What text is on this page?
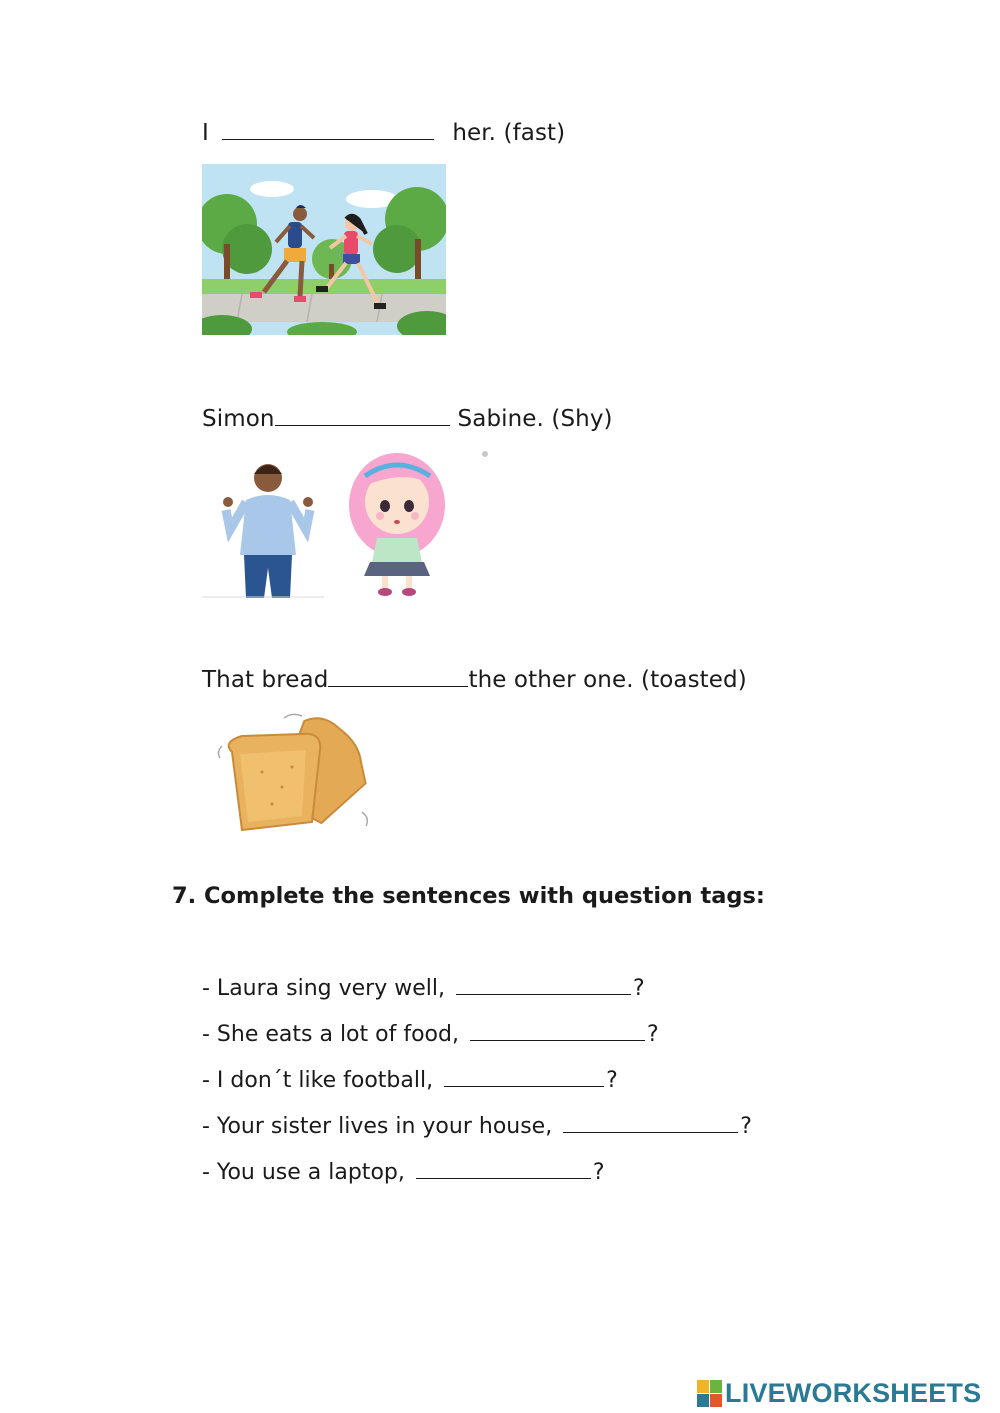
I	her. (fast)
Simon	Sabine. (Shy)
That bread	the other one. (toasted)
7. Complete the sentences with question tags:
- Laura sing very well,	?
- She eats a lot of food,	?
- I don´t like football,	?
- Your sister lives in your house,	?
- You use a laptop,	?
LIVEWORKSHEETS
